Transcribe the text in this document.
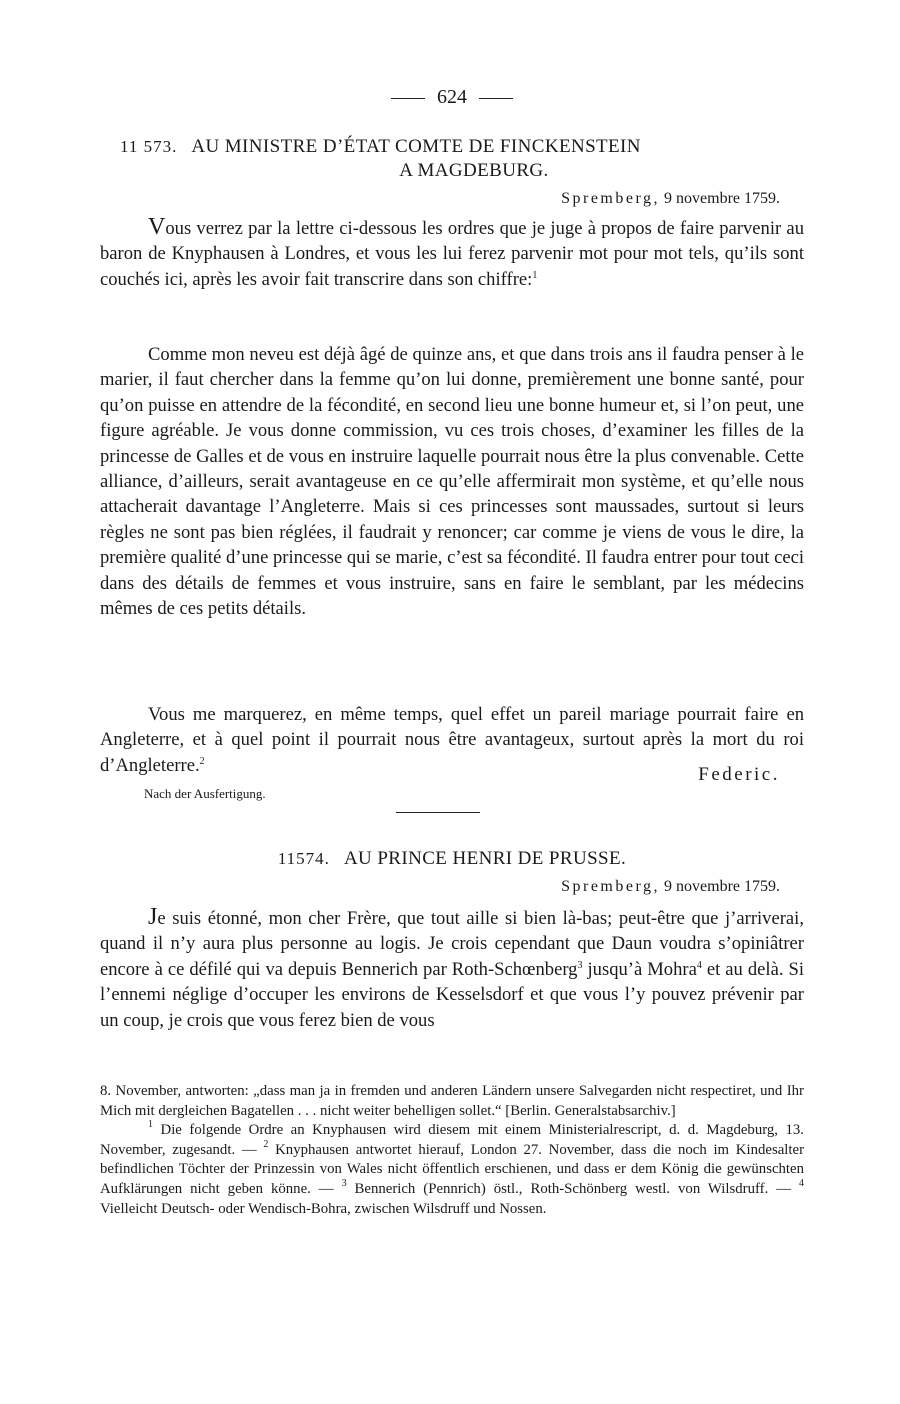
624
11 573. AU MINISTRE D’ÉTAT COMTE DE FINCKENSTEIN
A MAGDEBURG.
Spremberg, 9 novembre 1759.

Vous verrez par la lettre ci-dessous les ordres que je juge à propos de faire parvenir au baron de Knyphausen à Londres, et vous les lui ferez parvenir mot pour mot tels, qu’ils sont couchés ici, après les avoir fait transcrire dans son chiffre:$^1$

Comme mon neveu est déjà âgé de quinze ans, et que dans trois ans il faudra penser à le marier, il faut chercher dans la femme qu’on lui donne, premièrement une bonne santé, pour qu’on puisse en attendre de la fécondité, en second lieu une bonne humeur et, si l’on peut, une figure agréable. Je vous donne commission, vu ces trois choses, d’examiner les filles de la princesse de Galles et de vous en instruire laquelle pourrait nous être la plus convenable. Cette alliance, d’ailleurs, serait avantageuse en ce qu’elle affermirait mon système, et qu’elle nous attacherait davantage l’Angleterre. Mais si ces princesses sont maussades, surtout si leurs règles ne sont pas bien réglées, il faudrait y renoncer; car comme je viens de vous le dire, la première qualité d’une princesse qui se marie, c’est sa fécondité. Il faudra entrer pour tout ceci dans des détails de femmes et vous instruire, sans en faire le semblant, par les médecins mêmes de ces petits détails.

Vous me marquerez, en même temps, quel effet un pareil mariage pourrait faire en Angleterre, et à quel point il pourrait nous être avantageux, surtout après la mort du roi d’Angleterre.$^2$

Federic.
Nach der Ausfertigung.
11574. AU PRINCE HENRI DE PRUSSE.
Spremberg, 9 novembre 1759.

Je suis étonné, mon cher Frère, que tout aille si bien là-bas; peut-être que j’arriverai, quand il n’y aura plus personne au logis. Je crois cependant que Daun voudra s’opiniâtrer encore à ce défilé qui va depuis Bennerich par Roth-Schœnberg$^3$ jusqu’à Mohra$^4$ et au delà. Si l’ennemi néglige d’occuper les environs de Kesselsdorf et que vous l’y pouvez prévenir par un coup, je crois que vous ferez bien de vous

8. November, antworten: „dass man ja in fremden und anderen Ländern unsere Salvegarden nicht respectiret, und Ihr Mich mit dergleichen Bagatellen . . . nicht weiter behelligen sollet.“ [Berlin. Generalstabsarchiv.]

$^1$ Die folgende Ordre an Knyphausen wird diesem mit einem Ministerialrescript, d. d. Magdeburg, 13. November, zugesandt. — $^2$ Knyphausen antwortet hierauf, London 27. November, dass die noch im Kindesalter befindlichen Töchter der Prinzessin von Wales nicht öffentlich erschienen, und dass er dem König die gewünschten Aufklärungen nicht geben könne. — $^3$ Bennerich (Pennrich) östl., Roth-Schönberg westl. von Wilsdruff. — $^4$ Vielleicht Deutsch- oder Wendisch-Bohra, zwischen Wilsdruff und Nossen.
